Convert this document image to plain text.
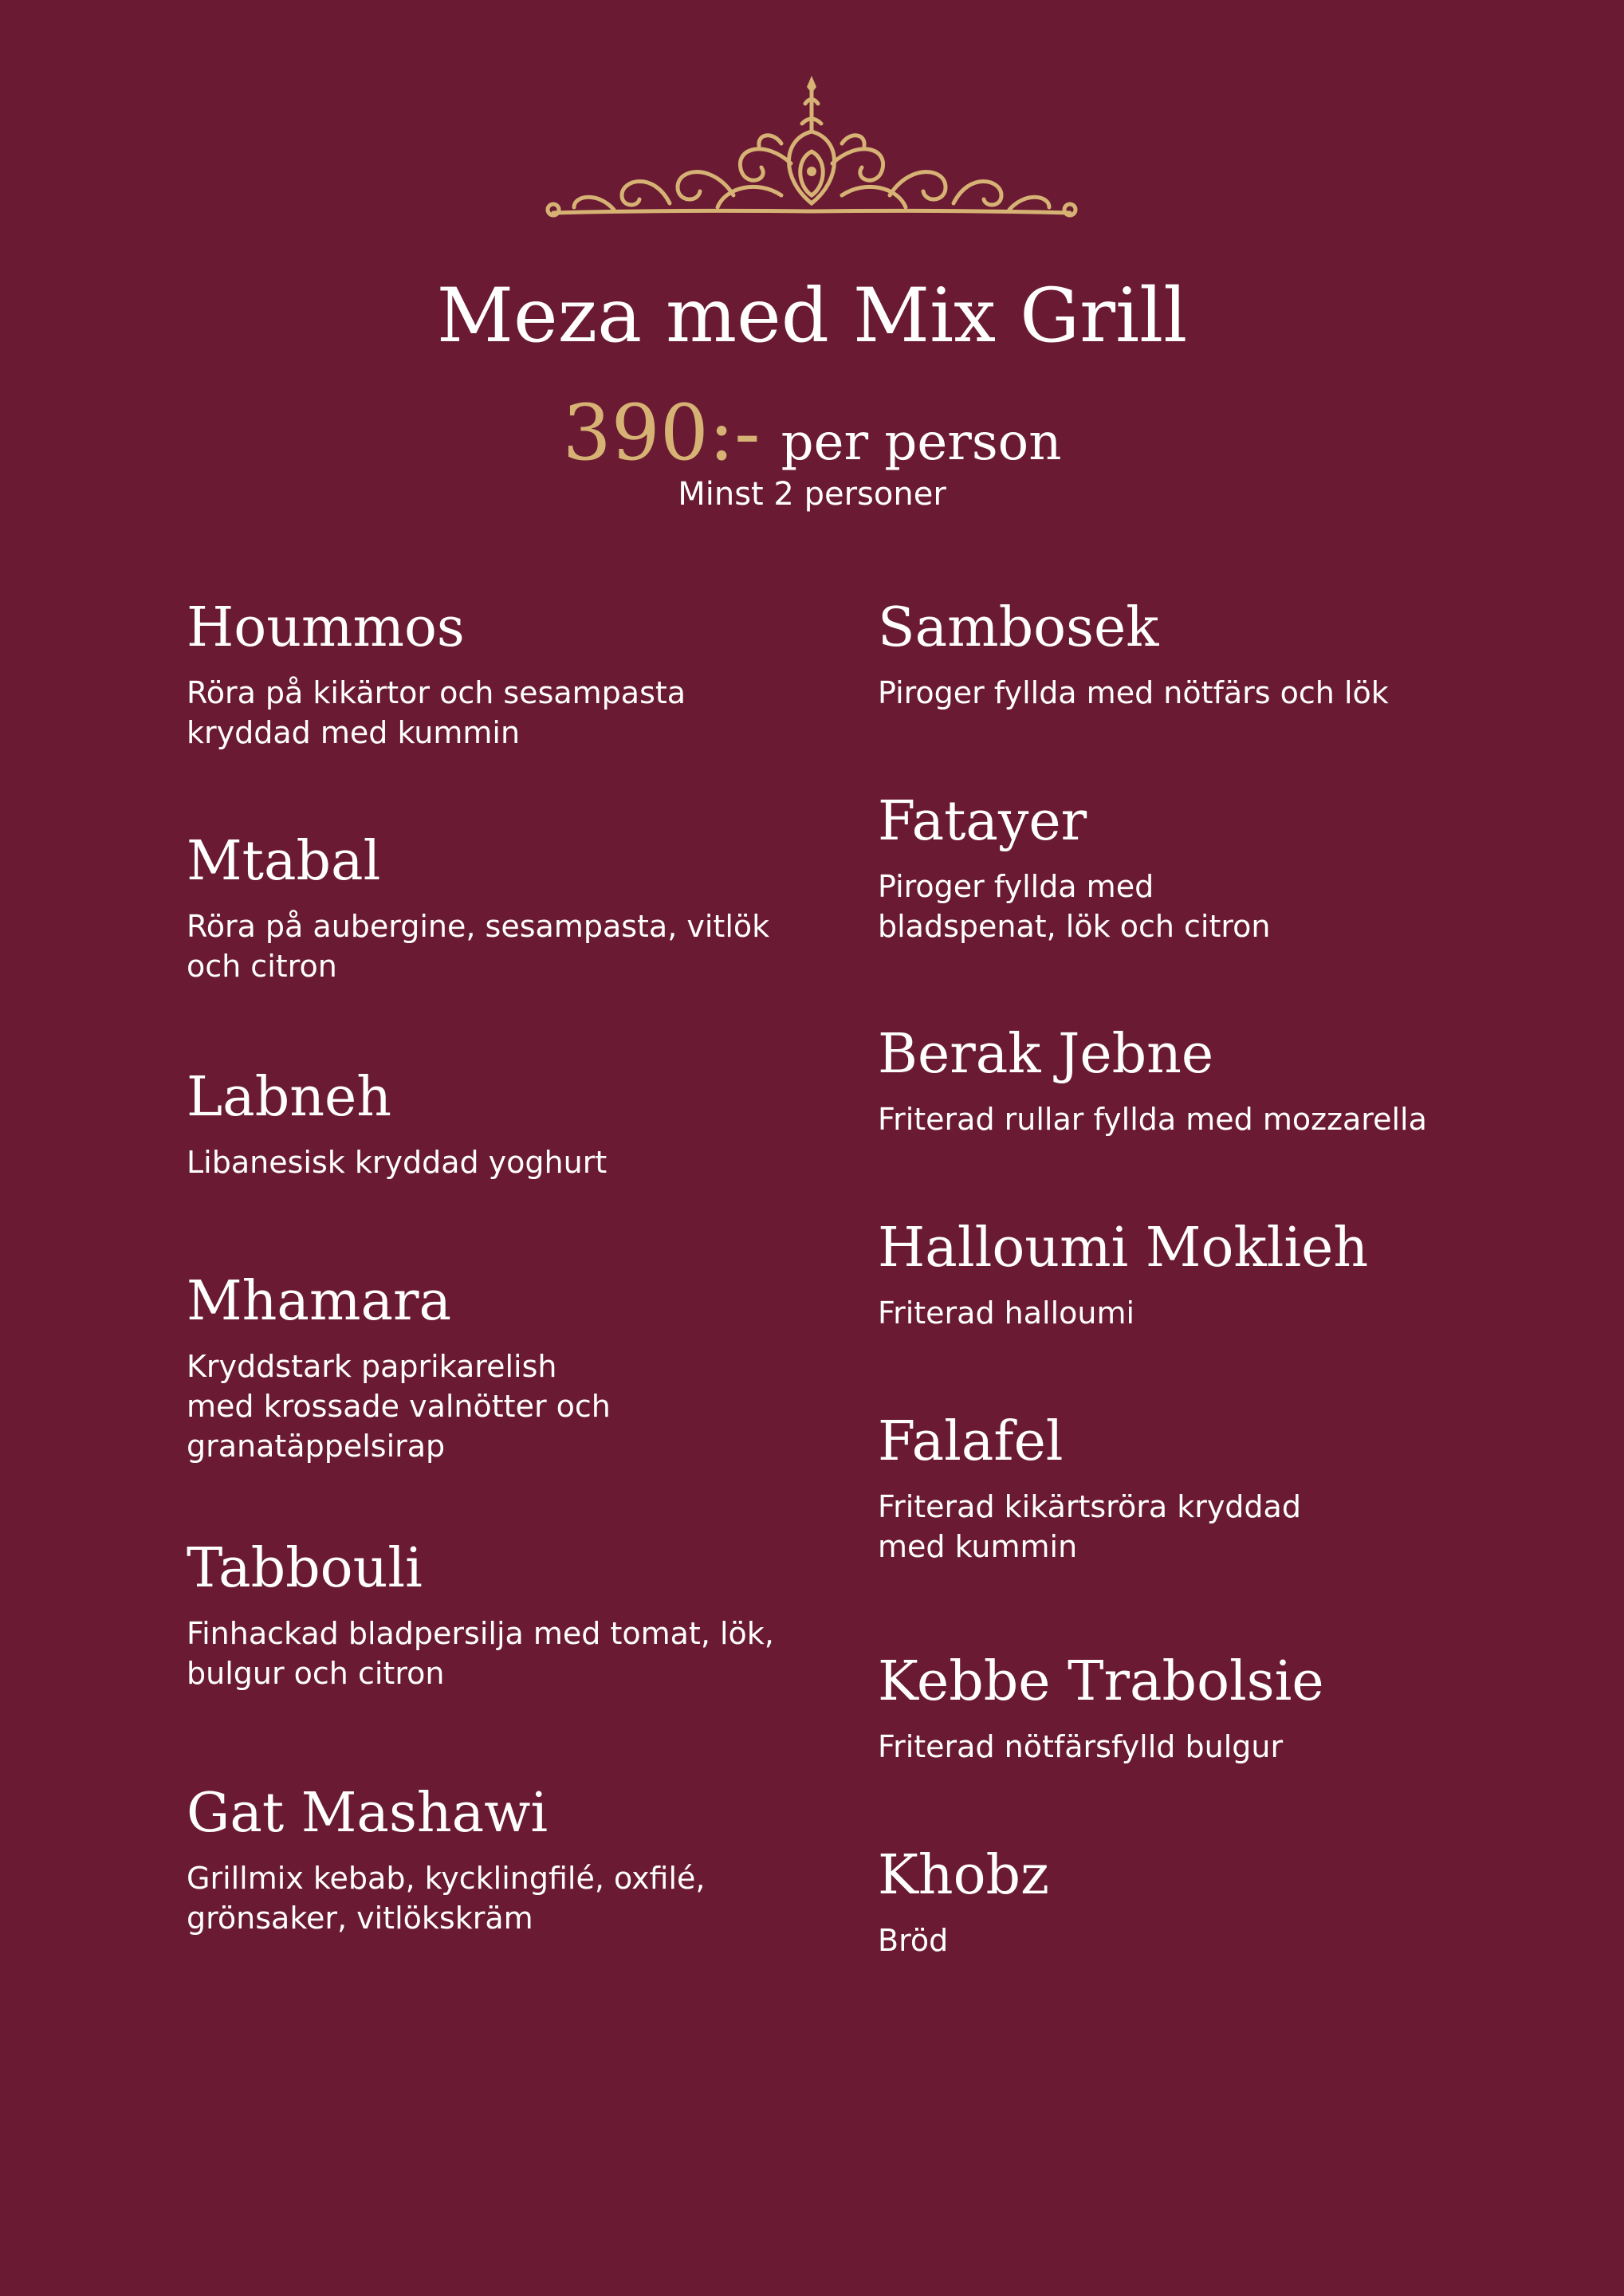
Meza med Mix Grill
390:- per person
Minst 2 personer
Hoummos

Röra på kikärtor och sesampasta
kryddad med kummin

Mtabal

Röra på aubergine, sesampasta, vitlök
och citron

Labneh

Libanesisk kryddad yoghurt

Mhamara

Kryddstark paprikarelish
med krossade valnötter och
granatäppelsirap

Tabbouli

Finhackad bladpersilja med tomat, lök,
bulgur och citron

Gat Mashawi

Grillmix kebab, kycklingfilé, oxfilé,
grönsaker, vitlökskräm

Sambosek

Piroger fyllda med nötfärs och lök

Fatayer

Piroger fyllda med
bladspenat, lök och citron

Berak Jebne

Friterad rullar fyllda med mozzarella

Halloumi Moklieh

Friterad halloumi

Falafel

Friterad kikärtsröra kryddad
med kummin

Kebbe Trabolsie

Friterad nötfärsfylld bulgur

Khobz

Bröd
